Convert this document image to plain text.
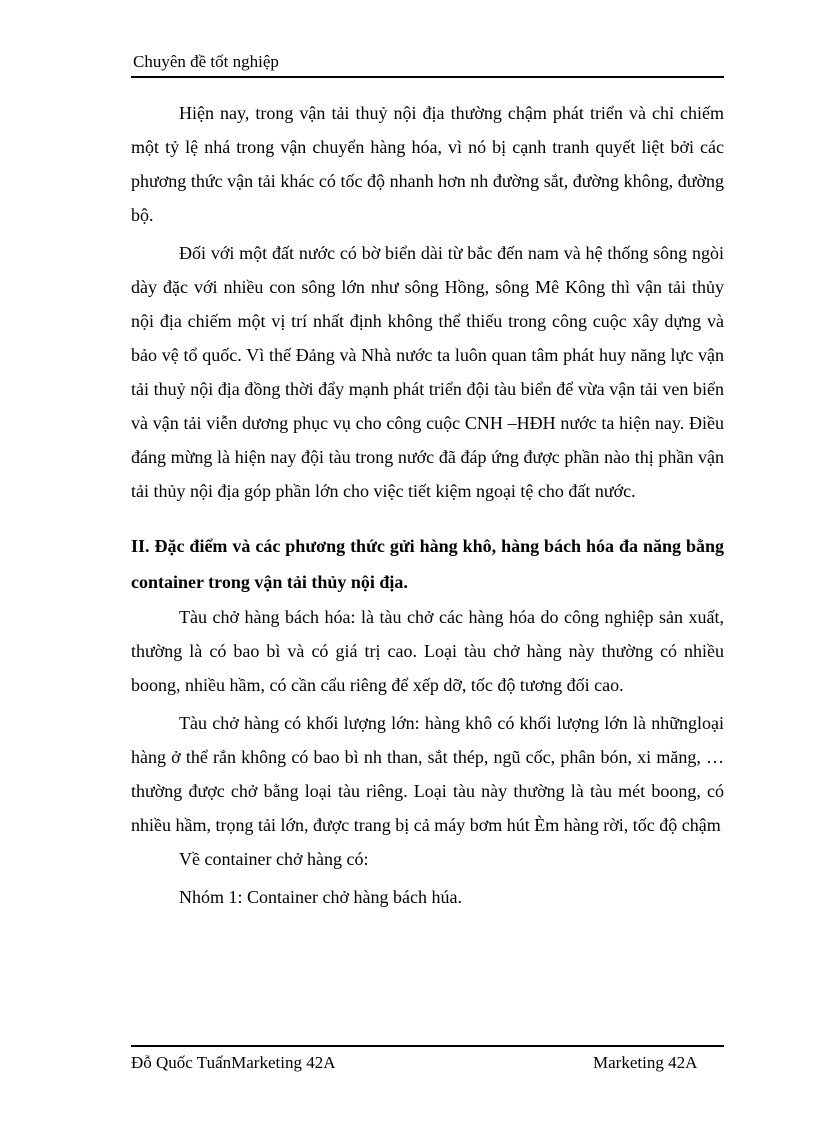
Chuyên đề tốt nghiệp

Hiện nay, trong vận tải thuỷ nội địa thường chậm phát triển và chỉ chiếm một tỷ lệ nhá trong vận chuyển hàng hóa, vì nó bị cạnh tranh quyết liệt bởi các phương thức vận tải khác có tốc độ nhanh hơn nh đường sắt, đường không, đường bộ.

Đối với một đất nước có bờ biển dài từ bắc đến nam và hệ thống sông ngòi dày đặc với nhiều con sông lớn như sông Hồng, sông Mê Kông thì vận tải thủy nội địa chiếm một vị trí nhất định không thể thiếu trong công cuộc xây dựng và bảo vệ tổ quốc. Vì thế Đảng và Nhà nước ta luôn quan tâm phát huy năng lực vận tải thuỷ nội địa đồng thời đẩy mạnh phát triển đội tàu biển để vừa vận tải ven biển và vận tải viễn dương phục vụ cho công cuộc CNH –HĐH nước ta hiện nay. Điều đáng mừng là hiện nay đội tàu trong nước đã đáp ứng được phần nào thị phần vận tải thủy nội địa góp phần lớn cho việc tiết kiệm ngoại tệ cho đất nước.

II. Đặc điểm và các phương thức gửi hàng khô, hàng bách hóa đa năng bằng container trong vận tải thủy nội địa.

Tàu chở hàng bách hóa: là tàu chở các hàng hóa do công nghiệp sản xuất, thường là có bao bì và có giá trị cao. Loại tàu chở hàng này thường có nhiều boong, nhiều hầm, có cần cẩu riêng để xếp dỡ, tốc độ tương đối cao.

Tàu chở hàng có khối lượng lớn: hàng khô có khối lượng lớn là nhữngloại hàng ở thể rắn không có bao bì nh than, sắt thép, ngũ cốc, phân bón, xi măng, …thường được chở bằng loại tàu riêng. Loại tàu này thường là tàu mét boong, có nhiều hầm, trọng tải lớn, được trang bị cả máy bơm hút Èm hàng rời, tốc độ chậm

Về container chở hàng có:

Nhóm 1: Container chở hàng bách húa.

Đỗ Quốc TuấnMarketing 42A	Marketing 42A
